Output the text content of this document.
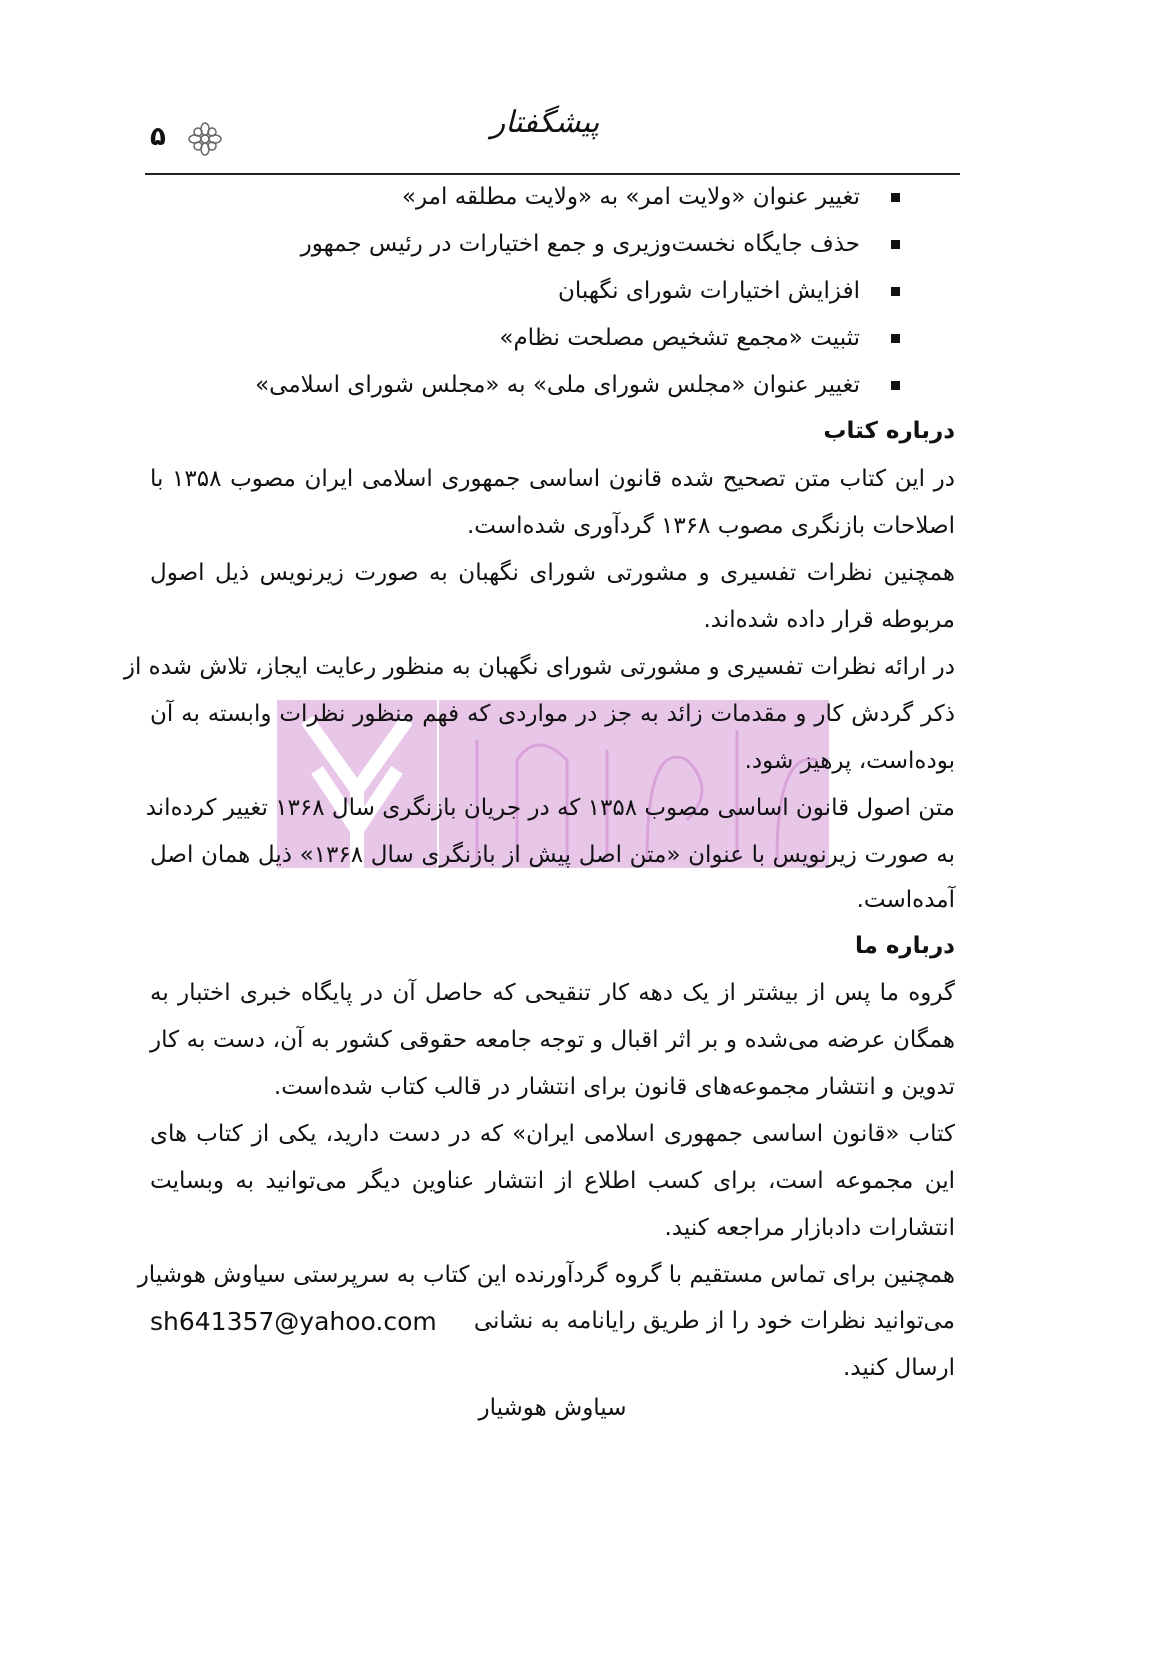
پیشگفتار
۵
تغییر عنوان «ولایت امر» به «ولایت مطلقه امر»
حذف جایگاه نخست‌وزیری و جمع اختیارات در رئیس جمهور
افزایش اختیارات شورای نگهبان
تثبیت «مجمع تشخیص مصلحت نظام»
تغییر عنوان «مجلس شورای ملی» به «مجلس شورای اسلامی»
درباره کتاب
در این کتاب متن تصحیح شده قانون اساسی جمهوری اسلامی ایران مصوب ۱۳۵۸ با
اصلاحات بازنگری مصوب ۱۳۶۸ گردآوری شده‌است.
همچنین نظرات تفسیری و مشورتی شورای نگهبان به صورت زیرنویس ذیل اصول
مربوطه قرار داده شده‌اند.
در ارائه نظرات تفسیری و مشورتی شورای نگهبان به منظور رعایت ایجاز، تلاش شده از
ذکر گردش کار و مقدمات زائد به جز در مواردی که فهم منظور نظرات وابسته به آن
بوده‌است، پرهیز شود.
متن اصول قانون اساسی مصوب ۱۳۵۸ که در جریان بازنگری سال ۱۳۶۸ تغییر کرده‌اند
به صورت زیرنویس با عنوان «متن اصل پیش از بازنگری سال ۱۳۶۸» ذیل همان اصل
آمده‌است.
درباره ما
گروه ما پس از بیشتر از یک دهه کار تنقیحی که حاصل آن در پایگاه خبری اختبار به
همگان عرضه می‌شده و بر اثر اقبال و توجه جامعه حقوقی کشور به آن، دست به کار
تدوین و انتشار مجموعه‌های قانون برای انتشار در قالب کتاب شده‌است.
کتاب «قانون اساسی جمهوری اسلامی ایران» که در دست دارید، یکی از کتاب های
این مجموعه است، برای کسب اطلاع از انتشار عناوین دیگر می‌توانید به وبسایت
انتشارات دادبازار مراجعه کنید.
همچنین برای تماس مستقیم با گروه گردآورنده این کتاب به سرپرستی سیاوش هوشیار
می‌توانید نظرات خود را از طریق رایانامه به نشانی
sh641357@yahoo.com
ارسال کنید.
سیاوش هوشیار
